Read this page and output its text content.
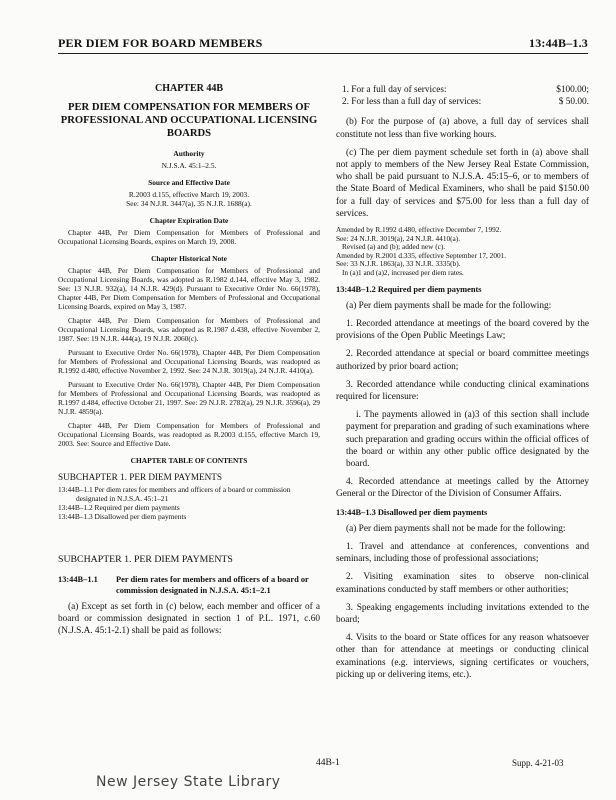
PER DIEM FOR BOARD MEMBERS	13:44B–1.3
CHAPTER 44B
PER DIEM COMPENSATION FOR MEMBERS OF PROFESSIONAL AND OCCUPATIONAL LICENSING BOARDS
Authority
N.J.S.A. 45:1–2.5.
Source and Effective Date
R.2003 d.155, effective March 19, 2003.
See: 34 N.J.R. 3447(a), 35 N.J.R. 1688(a).
Chapter Expiration Date

Chapter 44B, Per Diem Compensation for Members of Professional and Occupational Licensing Boards, expires on March 19, 2008.

Chapter Historical Note

Chapter 44B, Per Diem Compensation for Members of Professional and Occupational Licensing Boards, was adopted as R.1982 d.144, effective May 3, 1982. See: 13 N.J.R. 932(a), 14 N.J.R. 429(d). Pursuant to Executive Order No. 66(1978), Chapter 44B, Per Diem Compensation for Members of Professional and Occupational Licensing Boards, expired on May 3, 1987.

Chapter 44B, Per Diem Compensation for Members of Professional and Occupational Licensing Boards, was adopted as R.1987 d.438, effective November 2, 1987. See: 19 N.J.R. 444(a), 19 N.J.R. 2060(c).

Pursuant to Executive Order No. 66(1978), Chapter 44B, Per Diem Compensation for Members of Professional and Occupational Licensing Boards, was readopted as R.1992 d.480, effective November 2, 1992. See: 24 N.J.R. 3019(a), 24 N.J.R. 4410(a).

Pursuant to Executive Order No. 66(1978), Chapter 44B, Per Diem Compensation for Members of Professional and Occupational Licensing Boards, was readopted as R.1997 d.484, effective October 21, 1997. See: 29 N.J.R. 2782(a), 29 N.J.R. 3596(a), 29 N.J.R. 4859(a).

Chapter 44B, Per Diem Compensation for Members of Professional and Occupational Licensing Boards, was readopted as R.2003 d.155, effective March 19, 2003. See: Source and Effective Date.

CHAPTER TABLE OF CONTENTS
SUBCHAPTER 1. PER DIEM PAYMENTS

13:44B–1.1 Per diem rates for members and officers of a board or commission designated in N.J.S.A. 45:1–21

13:44B–1.2 Required per diem payments

13:44B–1.3 Disallowed per diem payments

SUBCHAPTER 1. PER DIEM PAYMENTS
13:44B–1.1	Per diem rates for members and officers of a board or commission designated in N.J.S.A. 45:1–2.1

(a) Except as set forth in (c) below, each member and officer of a board or commission designated in section 1 of P.L. 1971, c.60 (N.J.S.A. 45:1-2.1) shall be paid as follows:

1. For a full day of services:	$100.00;
2. For less than a full day of services:	$ 50.00.

(b) For the purpose of (a) above, a full day of services shall constitute not less than five working hours.

(c) The per diem payment schedule set forth in (a) above shall not apply to members of the New Jersey Real Estate Commission, who shall be paid pursuant to N.J.S.A. 45:15–6, or to members of the State Board of Medical Examiners, who shall be paid $150.00 for a full day of services and $75.00 for less than a full day of services.

Amended by R.1992 d.480, effective December 7, 1992.
See: 24 N.J.R. 3019(a), 24 N.J.R. 4410(a).
Revised (a) and (b); added new (c).
Amended by R.2001 d.335, effective September 17, 2001.
See: 33 N.J.R. 1863(a), 33 N.J.R. 3335(b).
In (a)1 and (a)2, increased per diem rates.
13:44B–1.2 Required per diem payments

(a) Per diem payments shall be made for the following:

1. Recorded attendance at meetings of the board covered by the provisions of the Open Public Meetings Law;

2. Recorded attendance at special or board committee meetings authorized by prior board action;

3. Recorded attendance while conducting clinical examinations required for licensure:

i. The payments allowed in (a)3 of this section shall include payment for preparation and grading of such examinations where such preparation and grading occurs within the official offices of the board or within any other public office designated by the board.

4. Recorded attendance at meetings called by the Attorney General or the Director of the Division of Consumer Affairs.

13:44B–1.3 Disallowed per diem payments

(a) Per diem payments shall not be made for the following:

1. Travel and attendance at conferences, conventions and seminars, including those of professional associations;

2. Visiting examination sites to observe non-clinical examinations conducted by staff members or other authorities;

3. Speaking engagements including invitations extended to the board;

4. Visits to the board or State offices for any reason whatsoever other than for attendance at meetings or conducting clinical examinations (e.g. interviews, signing certificates or vouchers, picking up or delivering items, etc.).

44B-1	Supp. 4-21-03
New Jersey State Library
